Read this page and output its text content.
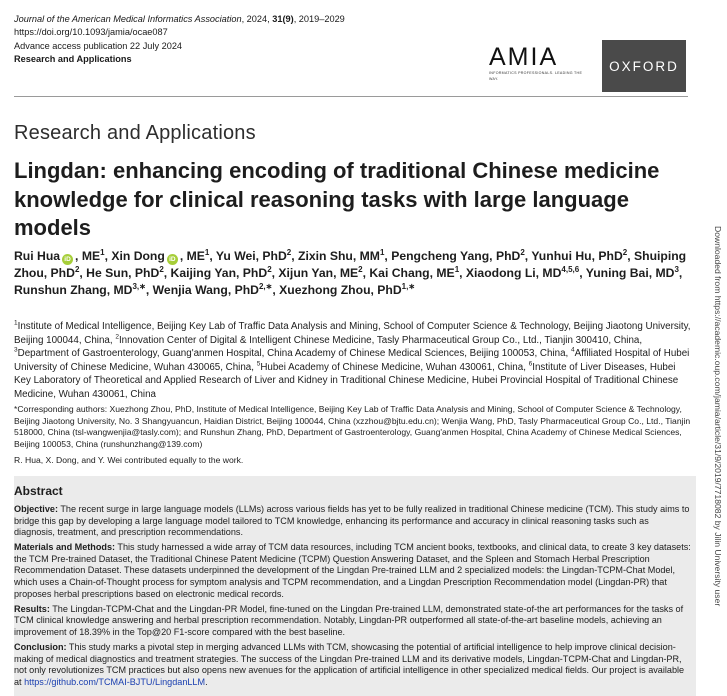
Journal of the American Medical Informatics Association, 2024, 31(9), 2019–2029
https://doi.org/10.1093/jamia/ocae087
Advance access publication 22 July 2024
Research and Applications	AMIA
INFORMATICS PROFESSIONALS. LEADING THE WAY.
OXFORD
Research and Applications
Lingdan: enhancing encoding of traditional Chinese medicine knowledge for clinical reasoning tasks with large language models
Rui Hua iD , $ME^1$, Xin Dong iD , $ME^1$, Yu Wei, PhD$^2$, Zixin Shu, $MM^1$, Pengcheng Yang, PhD$^2$, Yunhui Hu, PhD$^2$, Shuiping Zhou, PhD$^2$, He Sun, PhD$^2$, Kaijing Yan, PhD$^2$, Xijun Yan, $ME^2$, Kai Chang, $ME^1$, Xiaodong Li, MD$^{4,5,6}$, Yuning Bai, $MD^3$, Runshun Zhang, $MD^{3,∗}$, Wenjia Wang, PhD$^{2,∗}$, Xuezhong Zhou, PhD$^{1,∗}$
$^1$Institute of Medical Intelligence, Beijing Key Lab of Traffic Data Analysis and Mining, School of Computer Science & Technology, Beijing Jiaotong University, Beijing 100044, China, $^2$Innovation Center of Digital & Intelligent Chinese Medicine, Tasly Pharmaceutical Group Co., Ltd., Tianjin 300410, China, $^3$Department of Gastroenterology, Guang'anmen Hospital, China Academy of Chinese Medical Sciences, Beijing 100053, China, $^4$Affiliated Hospital of Hubei University of Chinese Medicine, Wuhan 430065, China, $^5$Hubei Academy of Chinese Medicine, Wuhan 430061, China, $^6$Institute of Liver Diseases, Hubei Key Laboratory of Theoretical and Applied Research of Liver and Kidney in Traditional Chinese Medicine, Hubei Provincial Hospital of Traditional Chinese Medicine, Wuhan 430061, China
*Corresponding authors: Xuezhong Zhou, PhD, Institute of Medical Intelligence, Beijing Key Lab of Traffic Data Analysis and Mining, School of Computer Science & Technology, Beijing Jiaotong University, No. 3 Shangyuancun, Haidian District, Beijing 100044, China (xzzhou@bjtu.edu.cn); Wenjia Wang, PhD, Tasly Pharmaceutical Group Co., Ltd., Tianjin 518000, China (tsl-wangwenjia@tasly.com); and Runshun Zhang, PhD, Department of Gastroenterology, Guang'anmen Hospital, China Academy of Chinese Medical Sciences, Beijing 100053, China (runshunzhang@139.com)
R. Hua, X. Dong, and Y. Wei contributed equally to the work.
Abstract

Objective: The recent surge in large language models (LLMs) across various fields has yet to be fully realized in traditional Chinese medicine (TCM). This study aims to bridge this gap by developing a large language model tailored to TCM knowledge, enhancing its performance and accuracy in clinical reasoning tasks such as diagnosis, treatment, and prescription recommendations.

Materials and Methods: This study harnessed a wide array of TCM data resources, including TCM ancient books, textbooks, and clinical data, to create 3 key datasets: the TCM Pre-trained Dataset, the Traditional Chinese Patent Medicine (TCPM) Question Answering Dataset, and the Spleen and Stomach Herbal Prescription Recommendation Dataset. These datasets underpinned the development of the Lingdan Pre-trained LLM and 2 specialized models: the Lingdan-TCPM-Chat Model, which uses a Chain-of-Thought process for symptom analysis and TCPM recommendation, and a Lingdan Prescription Recommendation model (Lingdan-PR) that proposes herbal prescriptions based on electronic medical records.

Results: The Lingdan-TCPM-Chat and the Lingdan-PR Model, fine-tuned on the Lingdan Pre-trained LLM, demonstrated state-of-the art performances for the tasks of TCM clinical knowledge answering and herbal prescription recommendation. Notably, Lingdan-PR outperformed all state-of-the-art baseline models, achieving an improvement of 18.39% in the Top@20 F1-score compared with the best baseline.

Conclusion: This study marks a pivotal step in merging advanced LLMs with TCM, showcasing the potential of artificial intelligence to help improve clinical decision-making of medical diagnostics and treatment strategies. The success of the Lingdan Pre-trained LLM and its derivative models, Lingdan-TCPM-Chat and Lingdan-PR, not only revolutionizes TCM practices but also opens new avenues for the application of artificial intelligence in other specialized medical fields. Our project is available at https://github.com/TCMAI-BJTU/LingdanLLM.

Downloaded from https://academic.oup.com/jamia/article/31/9/2019/7718082 by Jilin University user
